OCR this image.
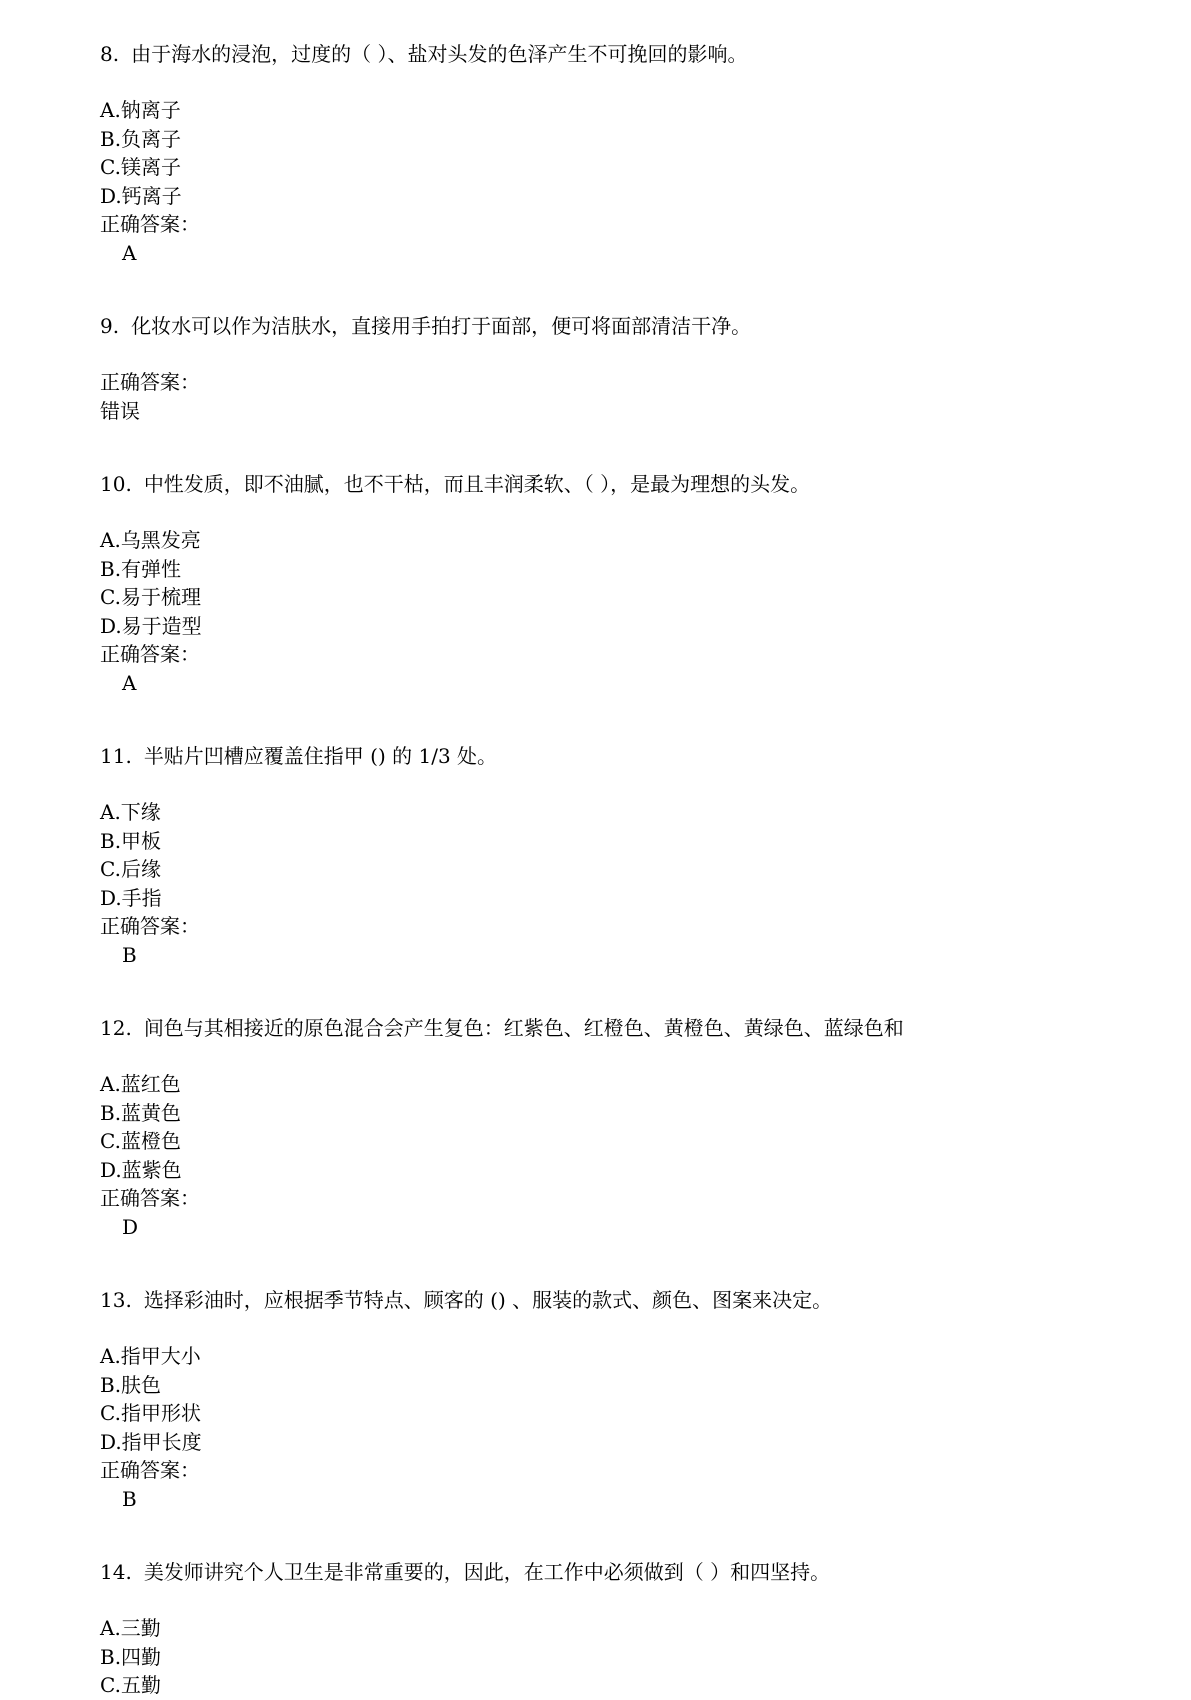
8. 由于海水的浸泡，过度的（ ）、盐对头发的色泽产生不可挽回的影响。
A.钠离子
B.负离子
C.镁离子
D.钙离子
正确答案：
A
9. 化妆水可以作为洁肤水，直接用手拍打于面部，便可将面部清洁干净。
正确答案：
错误
10. 中性发质，即不油腻，也不干枯，而且丰润柔软、（ ），是最为理想的头发。
A.乌黑发亮
B.有弹性
C.易于梳理
D.易于造型
正确答案：
A
11. 半贴片凹槽应覆盖住指甲 () 的 1/3 处。
A.下缘
B.甲板
C.后缘
D.手指
正确答案：
B
12. 间色与其相接近的原色混合会产生复色：红紫色、红橙色、黄橙色、黄绿色、蓝绿色和
A.蓝红色
B.蓝黄色
C.蓝橙色
D.蓝紫色
正确答案：
D
13. 选择彩油时，应根据季节特点、顾客的 () 、服装的款式、颜色、图案来决定。
A.指甲大小
B.肤色
C.指甲形状
D.指甲长度
正确答案：
B
14. 美发师讲究个人卫生是非常重要的，因此，在工作中必须做到（ ）和四坚持。
A.三勤
B.四勤
C.五勤
